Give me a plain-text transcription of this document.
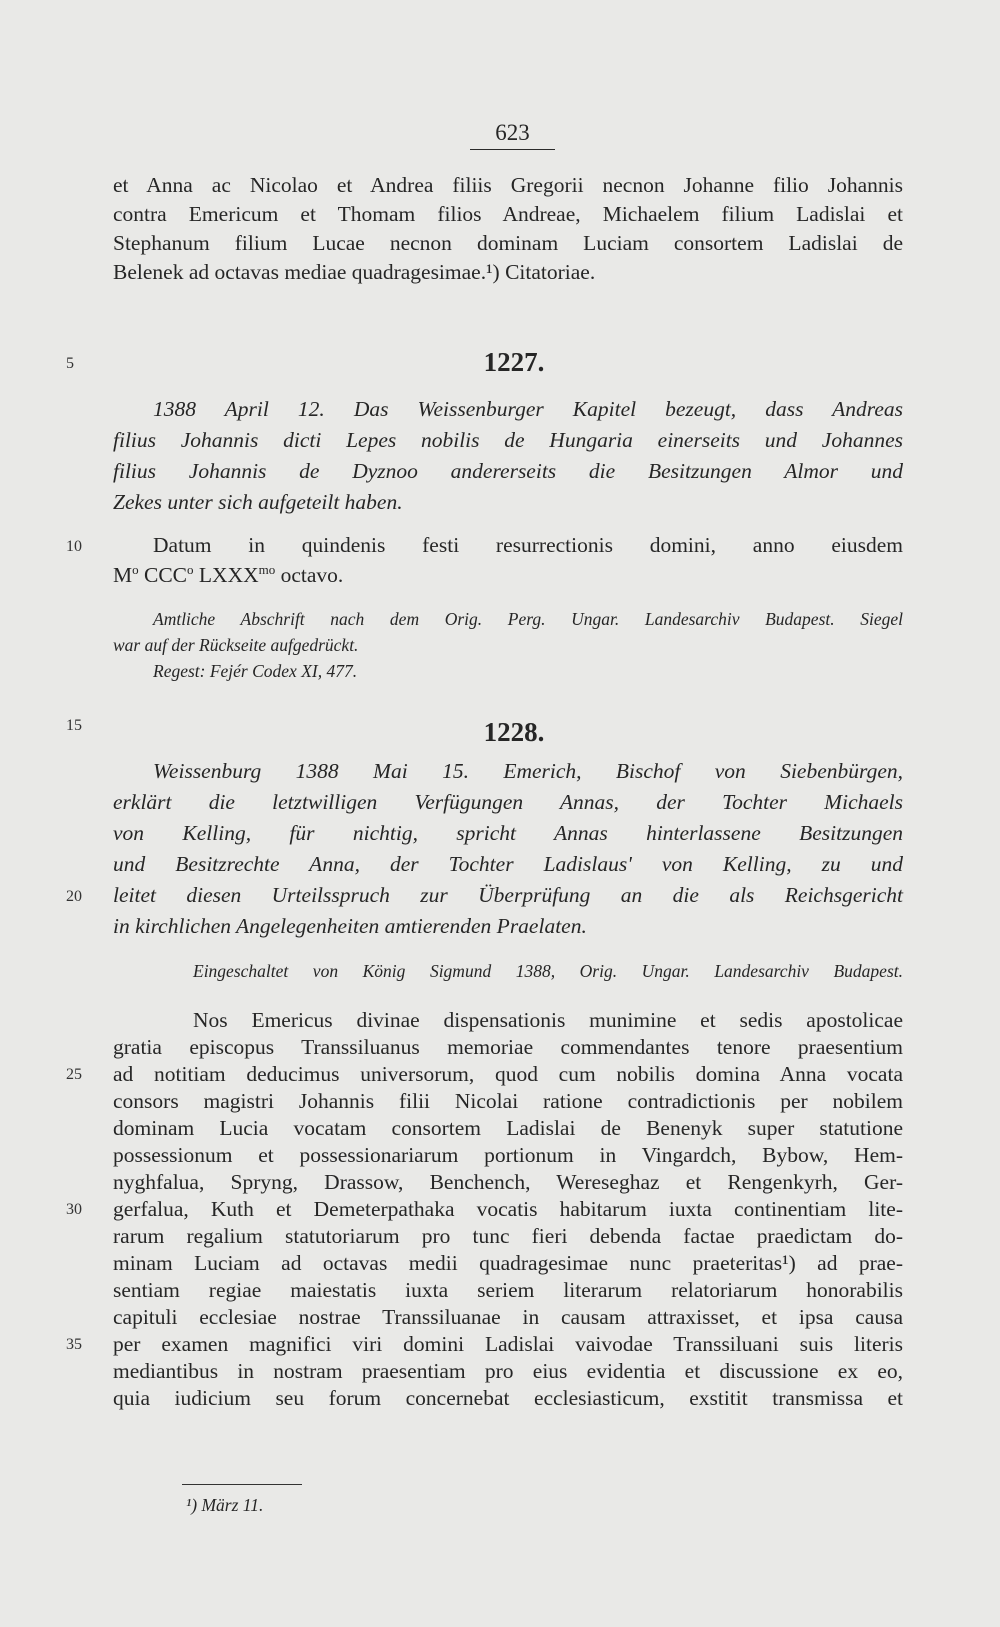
623
et Anna ac Nicolao et Andrea filiis Gregorii necnon Johanne filio Johannis
contra Emericum et Thomam filios Andreae, Michaelem filium Ladislai et
Stephanum filium Lucae necnon dominam Luciam consortem Ladislai de
Belenek ad octavas mediae quadragesimae.¹) Citatoriae.
5	1227.
1388 April 12. Das Weissenburger Kapitel bezeugt, dass Andreas
filius Johannis dicti Lepes nobilis de Hungaria einerseits und Johannes
filius Johannis de Dyznoo andererseits die Besitzungen Almor und
Zekes unter sich aufgeteilt haben.
10	Datum in quindenis festi resurrectionis domini, anno eiusdem
$M^o$ CCC$^o$ $LXXX^{mo}$ octavo.
Amtliche Abschrift nach dem Orig. Perg. Ungar. Landesarchiv Budapest. Siegel
war auf der Rückseite aufgedrückt.
Regest: Fejér Codex XI, 477.
15	1228.
Weissenburg 1388 Mai 15. Emerich, Bischof von Siebenbürgen,
erklärt die letztwilligen Verfügungen Annas, der Tochter Michaels
von Kelling, für nichtig, spricht Annas hinterlassene Besitzungen
und Besitzrechte Anna, der Tochter Ladislaus' von Kelling, zu und
20	leitet diesen Urteilsspruch zur Überprüfung an die als Reichsgericht
in kirchlichen Angelegenheiten amtierenden Praelaten.
Eingeschaltet von König Sigmund 1388, Orig. Ungar. Landesarchiv Budapest.
Nos Emericus divinae dispensationis munimine et sedis apostolicae
gratia episcopus Transsiluanus memoriae commendantes tenore praesentium
25	ad notitiam deducimus universorum, quod cum nobilis domina Anna vocata
consors magistri Johannis filii Nicolai ratione contradictionis per nobilem
dominam Lucia vocatam consortem Ladislai de Benenyk super statutione
possessionum et possessionariarum portionum in Vingardch, Bybow, Hem-
nyghfalua, Spryng, Drassow, Benchench, Wereseghaz et Rengenkyrh, Ger-
30	gerfalua, Kuth et Demeterpathaka vocatis habitarum iuxta continentiam lite-
rarum regalium statutoriarum pro tunc fieri debenda factae praedictam do-
minam Luciam ad octavas medii quadragesimae nunc praeteritas¹) ad prae-
sentiam regiae maiestatis iuxta seriem literarum relatoriarum honorabilis
capituli ecclesiae nostrae Transsiluanae in causam attraxisset, et ipsa causa
35	per examen magnifici viri domini Ladislai vaivodae Transsiluani suis literis
mediantibus in nostram praesentiam pro eius evidentia et discussione ex eo,
quia iudicium seu forum concernebat ecclesiasticum, exstitit transmissa et
¹) März 11.
